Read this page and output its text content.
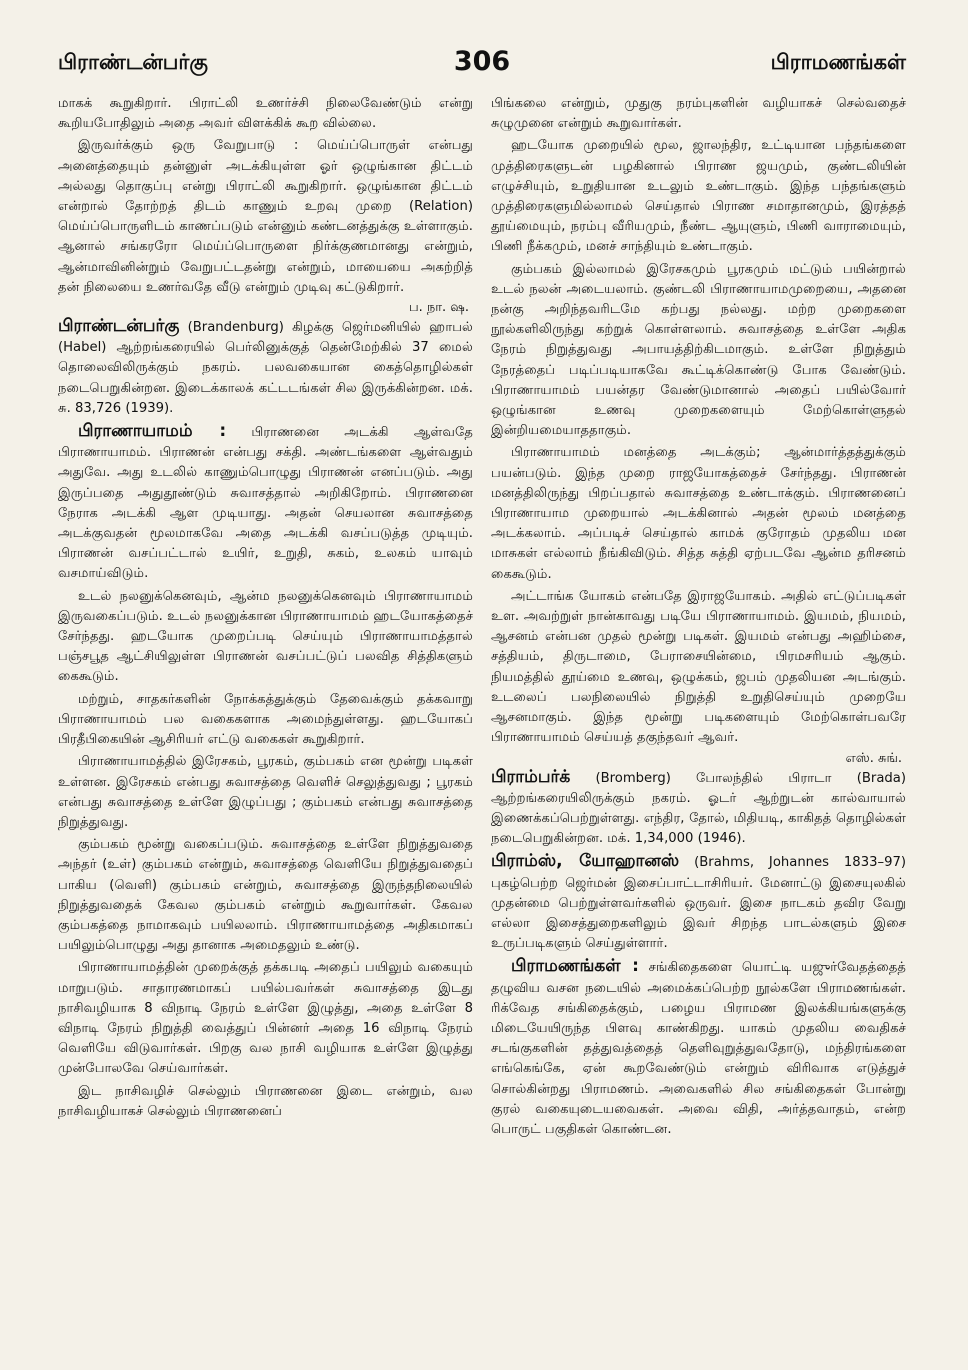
பிராண்டன்பர்கு	306	பிராமணங்கள்

மாகக் கூறுகிறார். பிராட்லி உணர்ச்சி நிலைவேண்டும் என்று கூறியபோதிலும் அதை அவர் விளக்கிக் கூற வில்லை.

இருவர்க்கும் ஒரு வேறுபாடு : மெய்ப்பொருள் என்பது அனைத்தையும் தன்னுள் அடக்கியுள்ள ஓர் ஒழுங்கான திட்டம் அல்லது தொகுப்பு என்று பிராட்லி கூறுகிறார். ஒழுங்கான திட்டம் என்றால் தோற்றத் திடம் காணும் உறவு முறை (Relation) மெய்ப்பொருளிடம் காணப்படும் என்னும் கண்டனத்துக்கு உள்ளாகும். ஆனால் சங்கரரோ மெய்ப்பொருளை நிர்க்குணமானது என்றும், ஆன்மாவினின்றும் வேறுபட்டதன்று என்றும், மாயையை அகற்றித் தன் நிலையை உணர்வதே வீடு என்றும் முடிவு கட்டுகிறார்.

ப. நா. ஷ.

பிராண்டன்பர்கு (Brandenburg) கிழக்கு ஜெர்மனியில் ஹாபல் (Habel) ஆற்றங்கரையில் பெர்லினுக்குத் தென்மேற்கில் 37 மைல் தொலைவிலிருக்கும் நகரம். பலவகையான கைத்தொழில்கள் நடைபெறுகின்றன. இடைக்காலக் கட்டடங்கள் சில இருக்கின்றன. மக். சு. 83,726 (1939).

பிராணாயாமம் : பிராணனை அடக்கி ஆள்வதே பிராணாயாமம். பிராணன் என்பது சக்தி. அண்டங்களை ஆள்வதும் அதுவே. அது உடலில் காணும்பொழுது பிராணன் எனப்படும். அது இருப்பதை அதுதூண்டும் சுவாசத்தால் அறிகிறோம். பிராணனை நேராக அடக்கி ஆள முடியாது. அதன் செயலான சுவாசத்தை அடக்குவதன் மூலமாகவே அதை அடக்கி வசப்படுத்த முடியும். பிராணன் வசப்பட்டால் உயிர், உறுதி, சுகம், உலகம் யாவும் வசமாய்விடும்.

உடல் நலனுக்கெனவும், ஆன்ம நலனுக்கெனவும் பிராணாயாமம் இருவகைப்படும். உடல் நலனுக்கான பிராணாயாமம் ஹடயோகத்தைச் சேர்ந்தது. ஹடயோக முறைப்படி செய்யும் பிராணாயாமத்தால் பஞ்சபூத ஆட்சியிலுள்ள பிராணன் வசப்பட்டுப் பலவித சித்திகளும் கைகூடும்.

மற்றும், சாதகர்களின் நோக்கத்துக்கும் தேவைக்கும் தக்கவாறு பிராணாயாமம் பல வகைகளாக அமைந்துள்ளது. ஹடயோகப் பிரதீபிகையின் ஆசிரியர் எட்டு வகைகள் கூறுகிறார்.

பிராணாயாமத்தில் இரேசகம், பூரகம், கும்பகம் என மூன்று படிகள் உள்ளன. இரேசகம் என்பது சுவாசத்தை வெளிச் செலுத்துவது ; பூரகம் என்பது சுவாசத்தை உள்ளே இழுப்பது ; கும்பகம் என்பது சுவாசத்தை நிறுத்துவது.

கும்பகம் மூன்று வகைப்படும். சுவாசத்தை உள்ளே நிறுத்துவதை அந்தர் (உள்) கும்பகம் என்றும், சுவாசத்தை வெளியே நிறுத்துவதைப் பாகிய (வெளி) கும்பகம் என்றும், சுவாசத்தை இருந்தநிலையில் நிறுத்துவதைக் கேவல கும்பகம் என்றும் கூறுவார்கள். கேவல கும்பகத்தை நாமாகவும் பயிலலாம். பிராணாயாமத்தை அதிகமாகப் பயிலும்பொழுது அது தானாக அமைதலும் உண்டு.

பிராணாயாமத்தின் முறைக்குத் தக்கபடி அதைப் பயிலும் வகையும் மாறுபடும். சாதாரணமாகப் பயில்பவர்கள் சுவாசத்தை இடது நாசிவழியாக 8 விநாடி நேரம் உள்ளே இழுத்து, அதை உள்ளே 8 விநாடி நேரம் நிறுத்தி வைத்துப் பின்னர் அதை 16 விநாடி நேரம் வெளியே விடுவார்கள். பிறகு வல நாசி வழியாக உள்ளே இழுத்து முன்போலவே செய்வார்கள்.

இட நாசிவழிச் செல்லும் பிராணனை இடை என்றும், வல நாசிவழியாகச் செல்லும் பிராணனைப்

பிங்கலை என்றும், முதுகு நரம்புகளின் வழியாகச் செல்வதைச் சுழுமுனை என்றும் கூறுவார்கள்.

ஹடயோக முறையில் மூல, ஜாலந்திர, உட்டியான பந்தங்களை முத்திரைகளுடன் பழகினால் பிராண ஜயமும், குண்டலியின் எழுச்சியும், உறுதியான உடலும் உண்டாகும். இந்த பந்தங்களும் முத்திரைகளுமில்லாமல் செய்தால் பிராண சமாதானமும், இரத்தத் தூய்மையும், நரம்பு வீரியமும், நீண்ட ஆயுளும், பிணி வாராமையும், பிணி நீக்கமும், மனச் சாந்தியும் உண்டாகும்.

கும்பகம் இல்லாமல் இரேசகமும் பூரகமும் மட்டும் பயின்றால் உடல் நலன் அடையலாம். குண்டலி பிராணாயாமமுறையை, அதனை நன்கு அறிந்தவரிடமே கற்பது நல்லது. மற்ற முறைகளை நூல்களிலிருந்து கற்றுக் கொள்ளலாம். சுவாசத்தை உள்ளே அதிக நேரம் நிறுத்துவது அபாயத்திற்கிடமாகும். உள்ளே நிறுத்தும் நேரத்தைப் படிப்படியாகவே கூட்டிக்கொண்டு போக வேண்டும். பிராணாயாமம் பயன்தர வேண்டுமானால் அதைப் பயில்வோர் ஒழுங்கான உணவு முறைகளையும் மேற்கொள்ளுதல் இன்றியமையாததாகும்.

பிராணாயாமம் மனத்தை அடக்கும்; ஆன்மார்த்தத்துக்கும் பயன்படும். இந்த முறை ராஜயோகத்தைச் சேர்ந்தது. பிராணன் மனத்திலிருந்து பிறப்பதால் சுவாசத்தை உண்டாக்கும். பிராணனைப் பிராணாயாம முறையால் அடக்கினால் அதன் மூலம் மனத்தை அடக்கலாம். அப்படிச் செய்தால் காமக் குரோதம் முதலிய மன மாசுகள் எல்லாம் நீங்கிவிடும். சித்த சுத்தி ஏற்படவே ஆன்ம தரிசனம் கைகூடும்.

அட்டாங்க யோகம் என்பதே இராஜயோகம். அதில் எட்டுப்படிகள் உள. அவற்றுள் நான்காவது படியே பிராணாயாமம். இயமம், நியமம், ஆசனம் என்பன முதல் மூன்று படிகள். இயமம் என்பது அஹிம்சை, சத்தியம், திருடாமை, பேராசையின்மை, பிரமசரியம் ஆகும். நியமத்தில் தூய்மை உணவு, ஒழுக்கம், ஜபம் முதலியன அடங்கும். உடலைப் பலநிலையில் நிறுத்தி உறுதிசெய்யும் முறையே ஆசனமாகும். இந்த மூன்று படிகளையும் மேற்கொள்பவரே பிராணாயாமம் செய்யத் தகுந்தவர் ஆவர்.

எஸ். சுங்.

பிராம்பர்க் (Bromberg) போலந்தில் பிராடா (Brada) ஆற்றங்கரையிலிருக்கும் நகரம். ஓடர் ஆற்றுடன் கால்வாயால் இணைக்கப்பெற்றுள்ளது. எந்திர, தோல், மிதியடி, காகிதத் தொழில்கள் நடைபெறுகின்றன. மக். 1,34,000 (1946).

பிராம்ஸ், யோஹானஸ் (Brahms, Johannes 1833–97) புகழ்பெற்ற ஜெர்மன் இசைப்பாட்டாசிரியர். மேனாட்டு இசையுலகில் முதன்மை பெற்றுள்ளவர்களில் ஒருவர். இசை நாடகம் தவிர வேறு எல்லா இசைத்துறைகளிலும் இவர் சிறந்த பாடல்களும் இசை உருப்படிகளும் செய்துள்ளார்.

பிராமணங்கள் : சங்கிதைகளை யொட்டி யஜுர்வேதத்தைத் தழுவிய வசன நடையில் அமைக்கப்பெற்ற நூல்களே பிராமணங்கள். ரிக்வேத சங்கிதைக்கும், பழைய பிராமண இலக்கியங்களுக்கு மிடையேயிருந்த பிளவு காண்கிறது. யாகம் முதலிய வைதிகச் சடங்குகளின் தத்துவத்தைத் தெளிவுறுத்துவதோடு, மந்திரங்களை எங்கெங்கே, ஏன் கூறவேண்டும் என்றும் விரிவாக எடுத்துச் சொல்கின்றது பிராமணம். அவைகளில் சில சங்கிதைகள் போன்று குரல் வகையுடையவைகள். அவை விதி, அர்த்தவாதம், என்ற பொருட் பகுதிகள் கொண்டன.
